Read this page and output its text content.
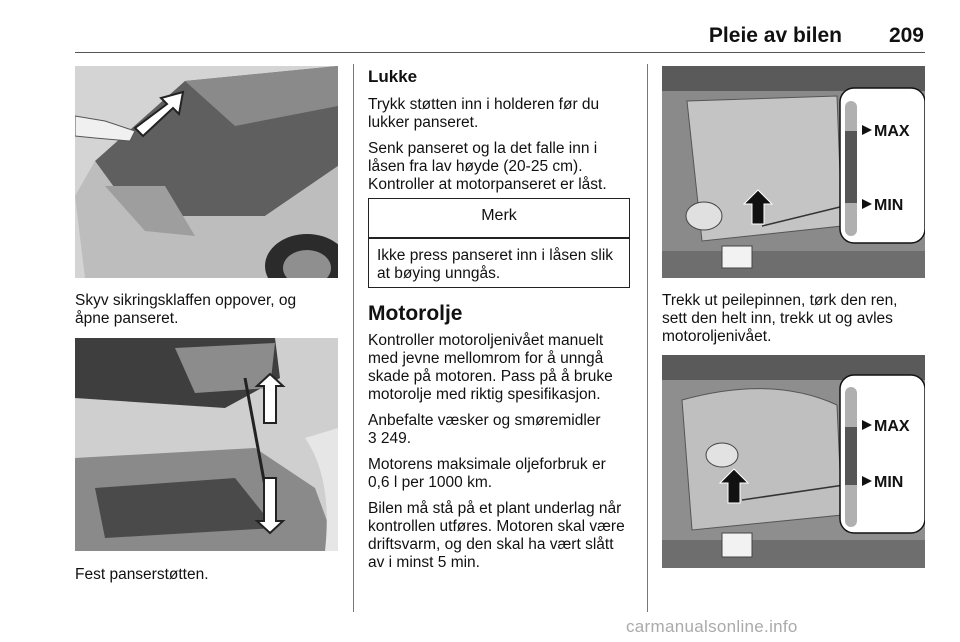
Pleie av bilen 209

Skyv sikringsklaffen oppover, og

åpne panseret.

Fest panserstøtten.

Lukke

Trykk støtten inn i holderen før du

lukker panseret.

Senk panseret og la det falle inn i

låsen fra lav høyde (20-25 cm).

Kontroller at motorpanseret er låst.

Merk

Ikke press panseret inn i låsen slik

at bøying unngås.

Motorolje

Kontroller motoroljenivået manuelt

med jevne mellomrom for å unngå

skade på motoren. Pass på å bruke

motorolje med riktig spesifikasjon.

Anbefalte væsker og smøremidler

3 249.

Motorens maksimale oljeforbruk er

0,6 l per 1000 km.

Bilen må stå på et plant underlag når

kontrollen utføres. Motoren skal være

driftsvarm, og den skal ha vært slått

av i minst 5 min.

MAX
MIN

Trekk ut peilepinnen, tørk den ren,

sett den helt inn, trekk ut og avles

motoroljenivået.

MAX
MIN
carmanualsonline.info
